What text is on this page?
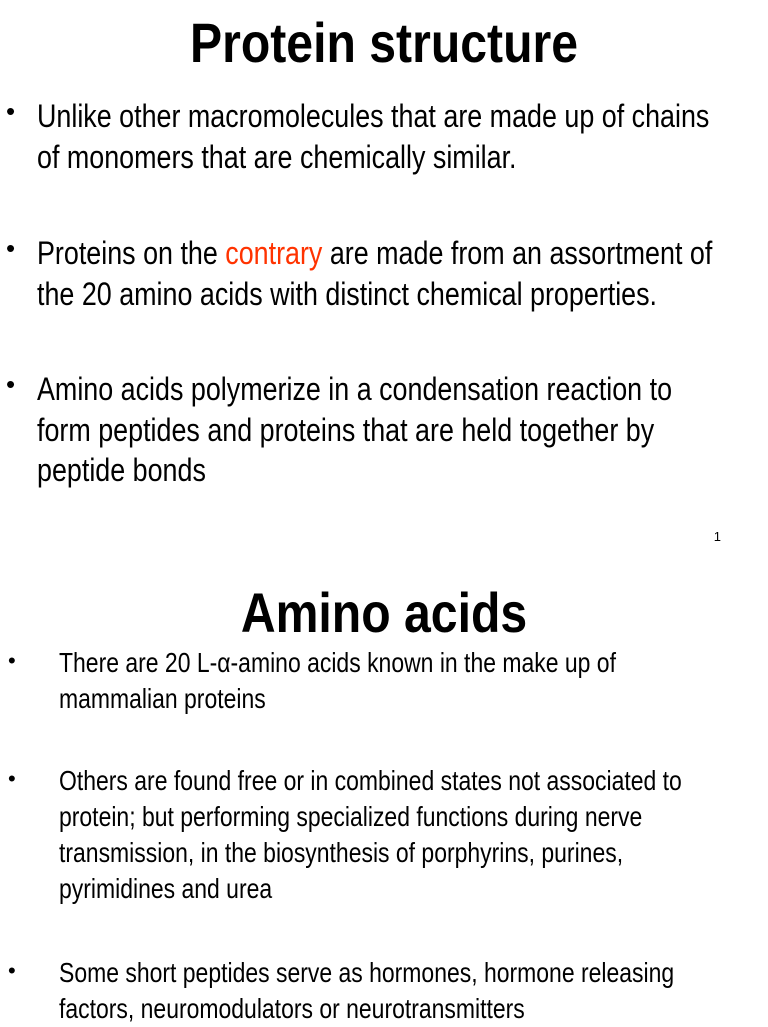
Protein structure
• Unlike other macromolecules that are made up of chains
of monomers that are chemically similar.
• Proteins on the contrary are made from an assortment of
the 20 amino acids with distinct chemical properties.
• Amino acids polymerize in a condensation reaction to
form peptides and proteins that are held together by
peptide bonds
1
Amino acids
• There are 20 L-α-amino acids known in the make up of
mammalian proteins
• Others are found free or in combined states not associated to
protein; but performing specialized functions during nerve
transmission, in the biosynthesis of porphyrins, purines,
pyrimidines and urea
• Some short peptides serve as hormones, hormone releasing
factors, neuromodulators or neurotransmitters
